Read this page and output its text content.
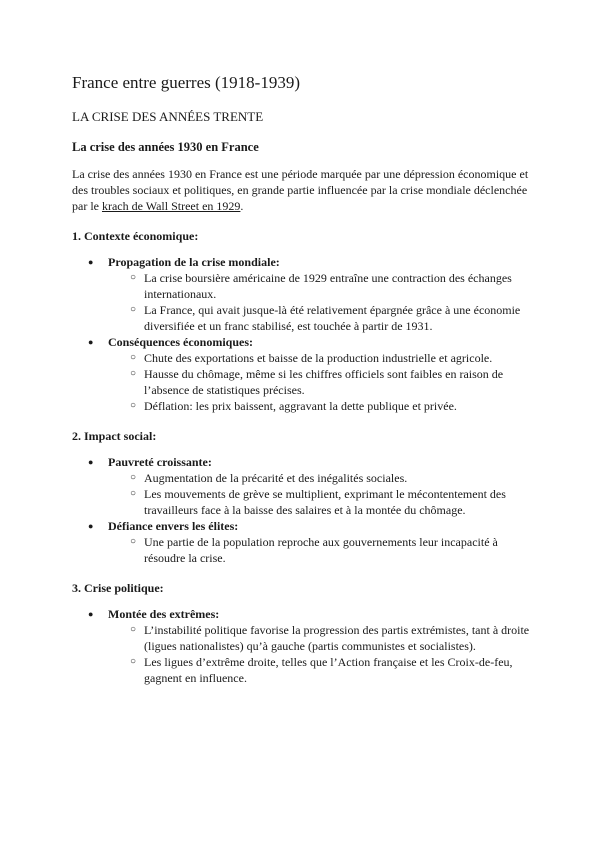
France entre guerres (1918-1939)
LA CRISE DES ANNÉES TRENTE
La crise des années 1930 en France

La crise des années 1930 en France est une période marquée par une dépression économique et des troubles sociaux et politiques, en grande partie influencée par la crise mondiale déclenchée par le krach de Wall Street en 1929.

1. Contexte économique:

● Propagation de la crise mondiale:
○ La crise boursière américaine de 1929 entraîne une contraction des échanges internationaux.
○ La France, qui avait jusque-là été relativement épargnée grâce à une économie diversifiée et un franc stabilisé, est touchée à partir de 1931.
● Conséquences économiques:
○ Chute des exportations et baisse de la production industrielle et agricole.
○ Hausse du chômage, même si les chiffres officiels sont faibles en raison de l’absence de statistiques précises.
○ Déflation: les prix baissent, aggravant la dette publique et privée.

2. Impact social:

● Pauvreté croissante:
○ Augmentation de la précarité et des inégalités sociales.
○ Les mouvements de grève se multiplient, exprimant le mécontentement des travailleurs face à la baisse des salaires et à la montée du chômage.
● Défiance envers les élites:
○ Une partie de la population reproche aux gouvernements leur incapacité à résoudre la crise.

3. Crise politique:

● Montée des extrêmes:
○ L’instabilité politique favorise la progression des partis extrémistes, tant à droite (ligues nationalistes) qu’à gauche (partis communistes et socialistes).
○ Les ligues d’extrême droite, telles que l’Action française et les Croix-de-feu, gagnent en influence.
